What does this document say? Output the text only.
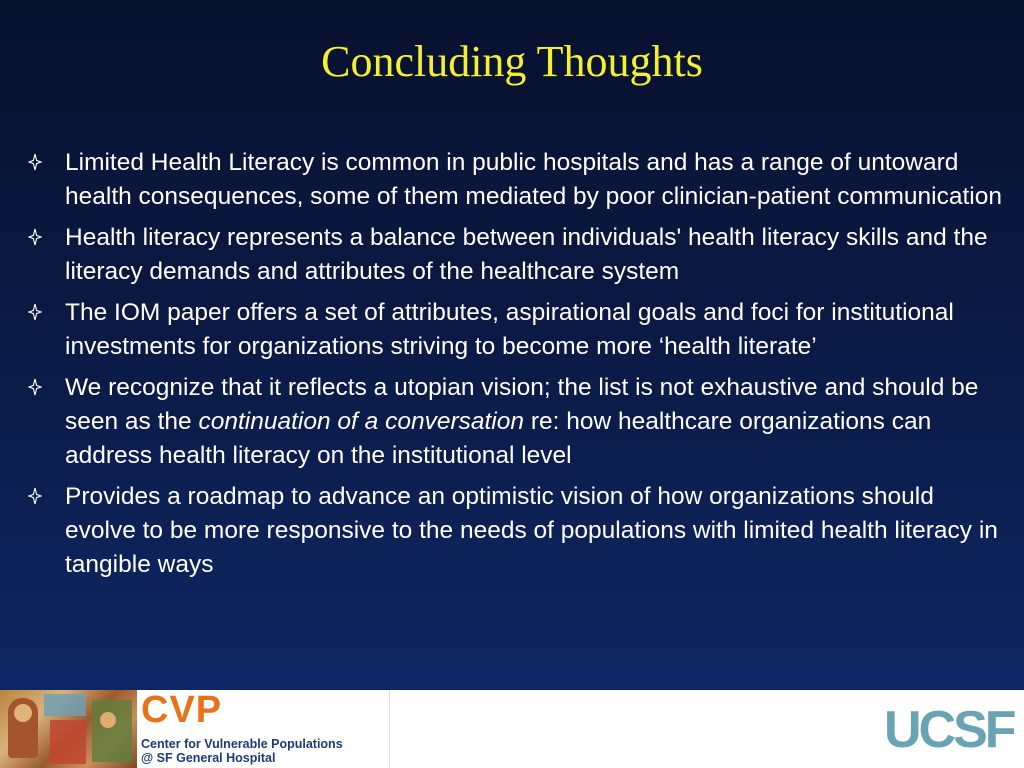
Concluding Thoughts
Limited Health Literacy is common in public hospitals and has a range of untoward health consequences, some of them mediated by poor clinician-patient communication
Health literacy represents a balance between individuals' health literacy skills and the literacy demands and attributes of the healthcare system
The IOM paper offers a set of attributes, aspirational goals and foci for institutional investments for organizations striving to become more ‘health literate’
We recognize that it reflects a utopian vision; the list is not exhaustive and should be seen as the continuation of a conversation re: how healthcare organizations can address health literacy on the institutional level
Provides a roadmap to advance an optimistic vision of how organizations should evolve to be more responsive to the needs of populations with limited health literacy in tangible ways
CVP
Center for Vulnerable Populations
@ SF General Hospital	UCSF
